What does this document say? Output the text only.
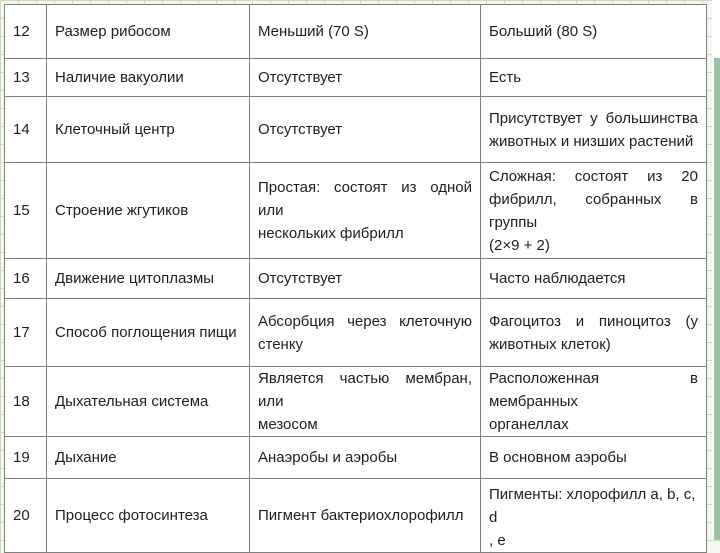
12	Размер рибосом	Меньший (70 S)	Больший (80 S)
13	Наличие вакуолии	Отсутствует	Есть
14	Клеточный центр	Отсутствует	Присутствует у большинства
животных и низших растений

15	Строение жгутиков	Простая: состоят из одной или
нескольких фибрилл	Сложная: состоят из 20
фибрилл, собранных в группы
(2×9 + 2)

16	Движение цитоплазмы	Отсутствует	Часто наблюдается
17	Способ поглощения пищи	Абсорбция через клеточную
стенку	Фагоцитоз и пиноцитоз (у
животных клеток)

18	Дыхательная система	Является частью мембран, или
мезосом	Расположенная в мембранных
органеллах

19	Дыхание	Анаэробы и аэробы	В основном аэробы
20	Процесс фотосинтеза	Пигмент бактериохлорофилл	Пигменты: хлорофилл a, b, c, d
, e
